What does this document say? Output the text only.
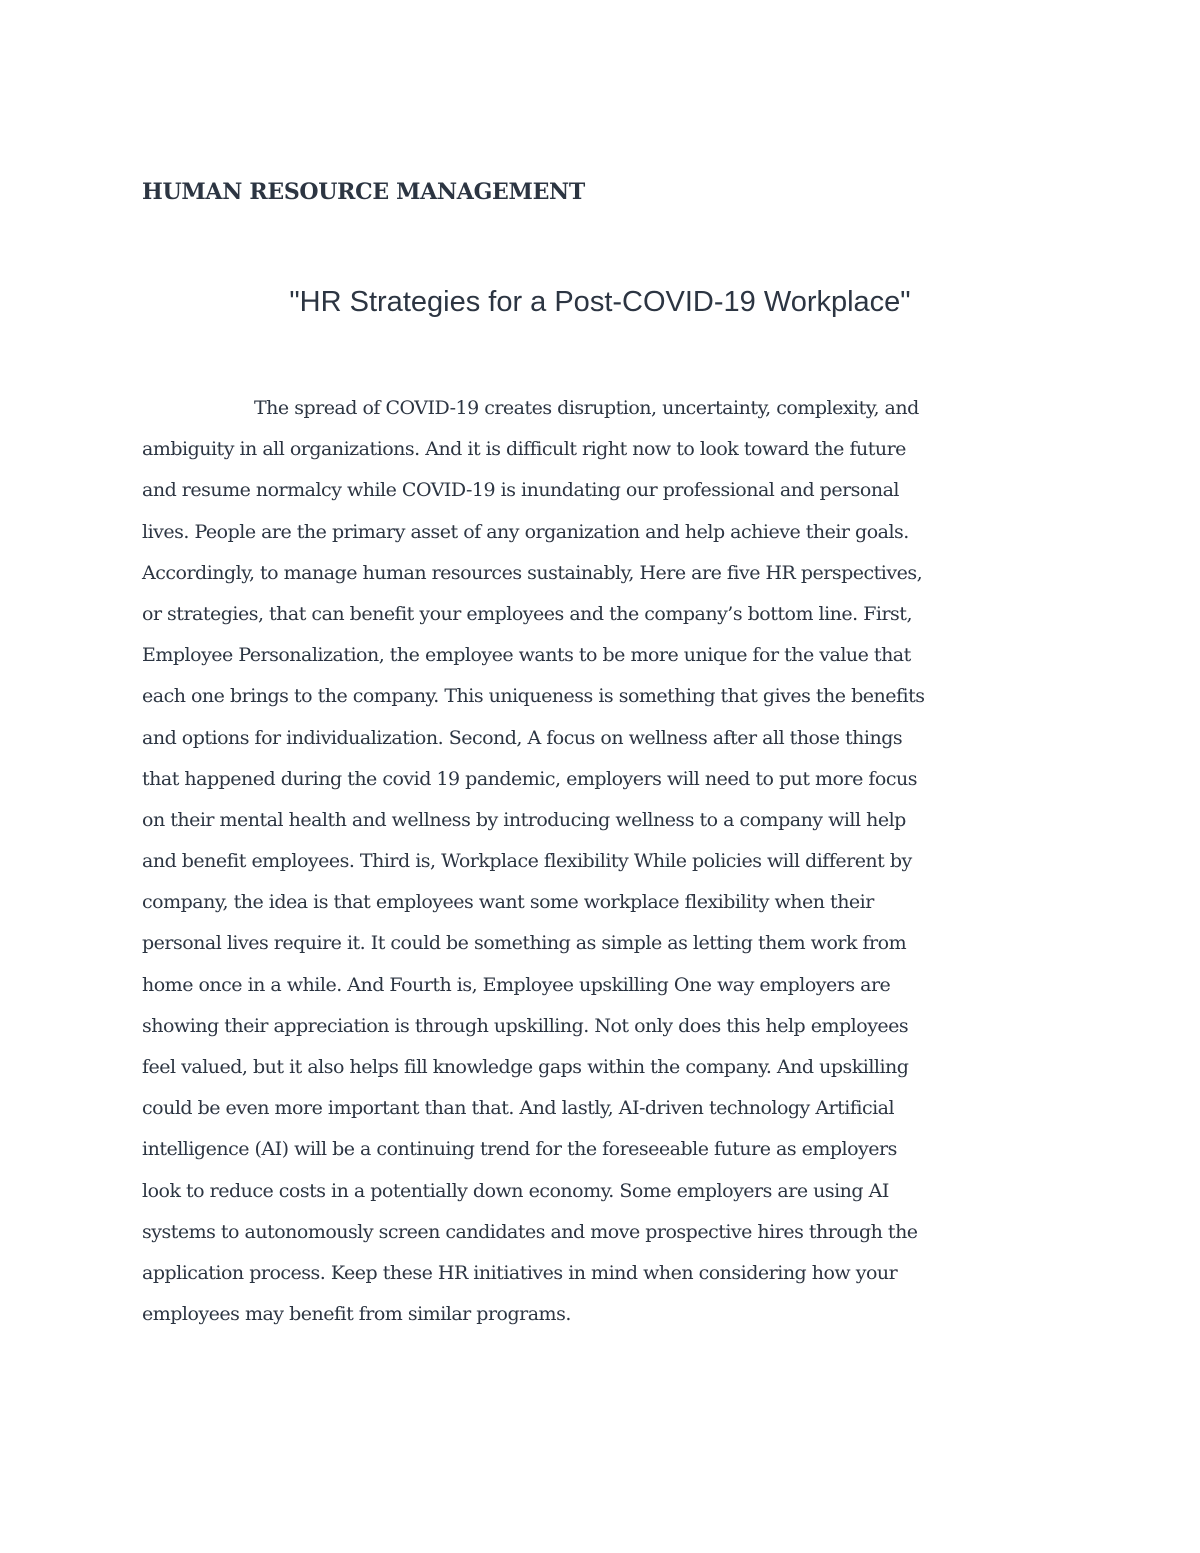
HUMAN RESOURCE MANAGEMENT
"HR Strategies for a Post-COVID-19 Workplace"

The spread of COVID-19 creates disruption, uncertainty, complexity, and
ambiguity in all organizations. And it is difficult right now to look toward the future
and resume normalcy while COVID-19 is inundating our professional and personal
lives. People are the primary asset of any organization and help achieve their goals.
Accordingly, to manage human resources sustainably, Here are five HR perspectives,
or strategies, that can benefit your employees and the company’s bottom line. First,
Employee Personalization, the employee wants to be more unique for the value that
each one brings to the company. This uniqueness is something that gives the benefits
and options for individualization. Second, A focus on wellness after all those things
that happened during the covid 19 pandemic, employers will need to put more focus
on their mental health and wellness by introducing wellness to a company will help
and benefit employees. Third is, Workplace flexibility While policies will different by
company, the idea is that employees want some workplace flexibility when their
personal lives require it. It could be something as simple as letting them work from
home once in a while. And Fourth is, Employee upskilling One way employers are
showing their appreciation is through upskilling. Not only does this help employees
feel valued, but it also helps fill knowledge gaps within the company. And upskilling
could be even more important than that. And lastly, AI-driven technology Artificial
intelligence (AI) will be a continuing trend for the foreseeable future as employers
look to reduce costs in a potentially down economy. Some employers are using AI
systems to autonomously screen candidates and move prospective hires through the
application process. Keep these HR initiatives in mind when considering how your
employees may benefit from similar programs.
